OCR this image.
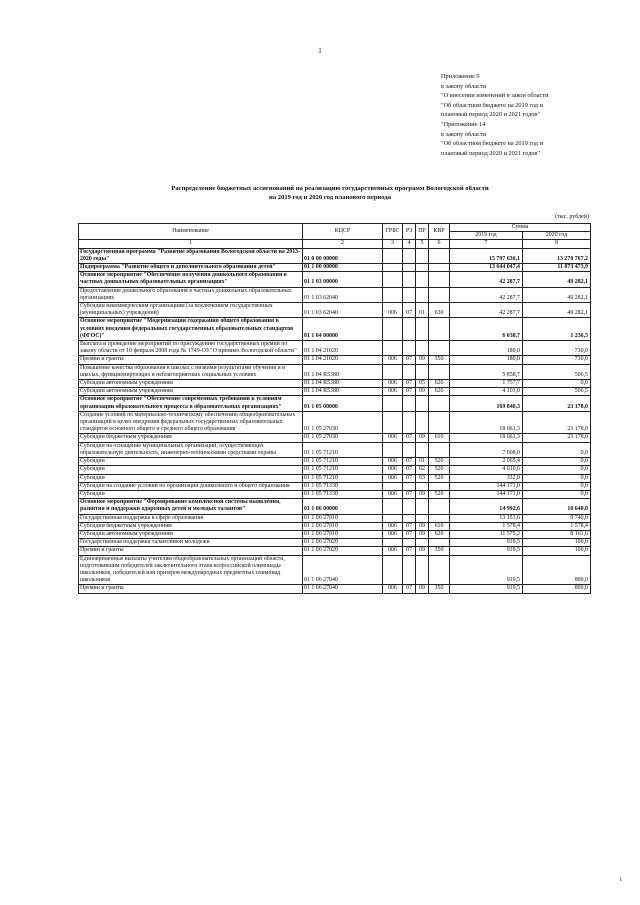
1
Приложение 9
к закону области
"О внесении изменений в закон области
"Об областном бюджете на 2019 год и
плановый период 2020 и 2021 годов"
"Приложение 14
к закону области
"Об областном бюджете на 2019 год и
плановый период 2020 и 2021 годов"
Распределение бюджетных ассигнований на реализацию государственных программ Вологодской области
на 2019 год и 2020 год планового периода
(тыс. рублей)
Наименование	КЦСР	ГРБС	РЗ	ПР	КВР	Сумма	
						2019 год	2020 год
1	2	3	4	5	6	7	8
Государственная программа "Развитие образования Вологодской области на 2013-2020 годы"	01 0 00 00000					15 797 636,1	13 270 767,2
Подпрограмма "Развитие общего и дополнительного образования детей"	01 1 00 00000					13 644 047,4	11 873 473,9
Основное мероприятие "Обеспечение получения дошкольного образования в частных дошкольных образовательных организациях"	01 1 03 00000					42 287,7	49 282,1
Предоставление дошкольного образования в частных дошкольных образовательных организациях	01 1 03 62040					42 287,7	49 282,1
Субсидии некоммерческим организациям (за исключением государственных (муниципальных) учреждений)	01 1 03 62040	006	07	01	630	42 287,7	49 282,1
Основное мероприятие "Модернизация содержания общего образования в условиях введения федеральных государственных образовательных стандартов (ФГОС)"	01 1 04 00000					6 038,7	1 236,5
Выплата и проведение мероприятий по присуждению государственных премий по закону области от 10 февраля 2008 года № 1749-ОЗ "О премиях Вологодской области"	01 1 04 21020					180,0	730,0
Премии и гранты	01 1 04 21020	006	07	09	350	180,0	730,0
Повышение качества образования в школах с низкими результатами обучения и в школах, функционирующих в неблагоприятных социальных условиях	01 1 04 R5380					5 858,7	506,5
Субсидии автономным учреждениям	01 1 04 R5380	006	07	05	620	1 757,7	0,0
Субсидии автономным учреждениям	01 1 04 R5380	006	07	09	620	4 101,0	506,5
Основное мероприятие "Обеспечение современных требований к условиям организации образовательного процесса в образовательных организациях"	01 1 05 00000					169 840,3	23 178,0
Создание условий по материально-техническому обеспечению общеобразовательных организаций в целях внедрения федеральных государственных образовательных стандартов основного общего и среднего общего образования	01 1 05 27030					18 661,3	23 178,0
Субсидии бюджетным учреждениям	01 1 05 27030	006	07	09	610	18 661,3	23 178,0
Субсидии на оснащение муниципальных организаций, осуществляющих образовательную деятельность, инженерно-техническими средствами охраны	01 1 05 71210					7 008,0	0,0
Субсидии	01 1 05 71210	006	07	01	520	2 065,4	0,0
Субсидии	01 1 05 71210	006	07	02	520	4 610,6	0,0
Субсидии	01 1 05 71210	006	07	03	520	332,0	0,0
Субсидии на создание условий по организации дошкольного и общего образования	01 1 05 71330					144 171,0	0,0
Субсидии	01 1 05 71330	006	07	09	520	144 171,0	0,0
Основное мероприятие "Формирование комплексной системы выявления, развития и поддержки одаренных детей и молодых талантов"	01 1 06 00000					14 992,6	10 640,0
Государственная поддержка в сфере образования	01 1 06 27010					13 153,6	9 740,0
Субсидии бюджетным учреждениям	01 1 06 27010	006	07	09	610	1 578,4	1 578,4
Субсидии автономным учреждениям	01 1 06 27010	006	07	09	620	11 575,2	8 161,6
Государственная поддержка талантливой молодежи	01 1 06 27020					919,5	100,0
Премии и гранты	01 1 06 27020	006	07	09	350	919,5	100,0
Единовременные выплаты учителям общеобразовательных организаций области, подготовившим победителей заключительного этапа всероссийской олимпиады школьников, победителей или призеров международных предметных олимпиад школьников	01 1 06 27040					919,5	800,0
Премии и гранты	01 1 06 27040	006	07	09	350	919,5	800,0
1
